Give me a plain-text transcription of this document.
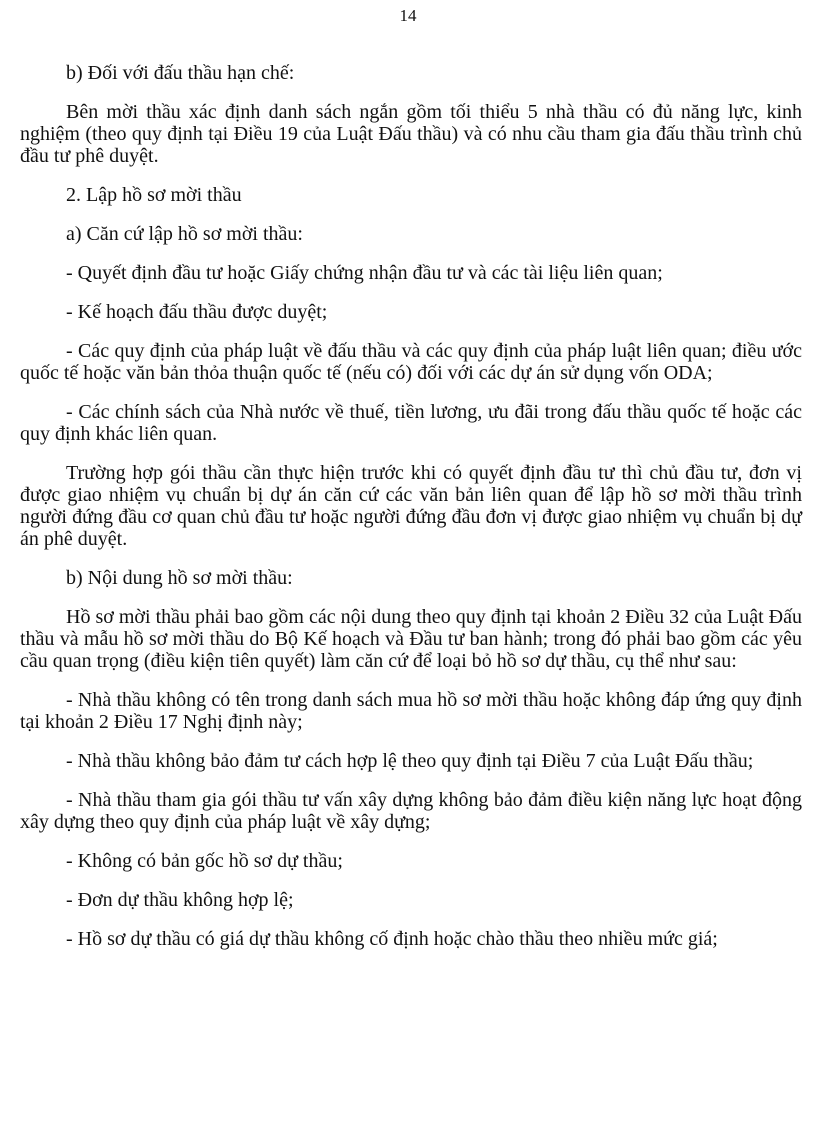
14

b) Đối với đấu thầu hạn chế:

Bên mời thầu xác định danh sách ngắn gồm tối thiểu 5 nhà thầu có đủ năng lực, kinh nghiệm (theo quy định tại Điều 19 của Luật Đấu thầu) và có nhu cầu tham gia đấu thầu trình chủ đầu tư phê duyệt.

2. Lập hồ sơ mời thầu

a) Căn cứ lập hồ sơ mời thầu:

- Quyết định đầu tư hoặc Giấy chứng nhận đầu tư và các tài liệu liên quan;

- Kế hoạch đấu thầu được duyệt;

- Các quy định của pháp luật về đấu thầu và các quy định của pháp luật liên quan; điều ước quốc tế hoặc văn bản thỏa thuận quốc tế (nếu có) đối với các dự án sử dụng vốn ODA;

- Các chính sách của Nhà nước về thuế, tiền lương, ưu đãi trong đấu thầu quốc tế hoặc các quy định khác liên quan.

Trường hợp gói thầu cần thực hiện trước khi có quyết định đầu tư thì chủ đầu tư, đơn vị được giao nhiệm vụ chuẩn bị dự án căn cứ các văn bản liên quan để lập hồ sơ mời thầu trình người đứng đầu cơ quan chủ đầu tư hoặc người đứng đầu đơn vị được giao nhiệm vụ chuẩn bị dự án phê duyệt.

b) Nội dung hồ sơ mời thầu:

Hồ sơ mời thầu phải bao gồm các nội dung theo quy định tại khoản 2 Điều 32 của Luật Đấu thầu và mẫu hồ sơ mời thầu do Bộ Kế hoạch và Đầu tư ban hành; trong đó phải bao gồm các yêu cầu quan trọng (điều kiện tiên quyết) làm căn cứ để loại bỏ hồ sơ dự thầu, cụ thể như sau:

- Nhà thầu không có tên trong danh sách mua hồ sơ mời thầu hoặc không đáp ứng quy định tại khoản 2 Điều 17 Nghị định này;

- Nhà thầu không bảo đảm tư cách hợp lệ theo quy định tại Điều 7 của Luật Đấu thầu;

- Nhà thầu tham gia gói thầu tư vấn xây dựng không bảo đảm điều kiện năng lực hoạt động xây dựng theo quy định của pháp luật về xây dựng;

- Không có bản gốc hồ sơ dự thầu;

- Đơn dự thầu không hợp lệ;

- Hồ sơ dự thầu có giá dự thầu không cố định hoặc chào thầu theo nhiều mức giá;
